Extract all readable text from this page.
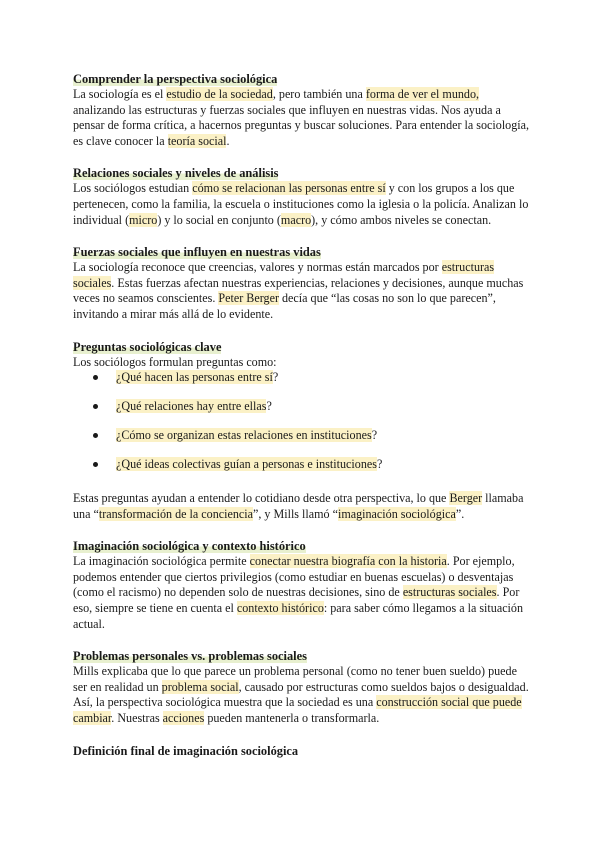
Comprender la perspectiva sociológica

La sociología es el estudio de la sociedad, pero también una forma de ver el mundo, analizando las estructuras y fuerzas sociales que influyen en nuestras vidas. Nos ayuda a pensar de forma crítica, a hacernos preguntas y buscar soluciones. Para entender la sociología, es clave conocer la teoría social.

Relaciones sociales y niveles de análisis

Los sociólogos estudian cómo se relacionan las personas entre sí y con los grupos a los que pertenecen, como la familia, la escuela o instituciones como la iglesia o la policía. Analizan lo individual (micro) y lo social en conjunto (macro), y cómo ambos niveles se conectan.

Fuerzas sociales que influyen en nuestras vidas

La sociología reconoce que creencias, valores y normas están marcados por estructuras sociales. Estas fuerzas afectan nuestras experiencias, relaciones y decisiones, aunque muchas veces no seamos conscientes. Peter Berger decía que “las cosas no son lo que parecen”, invitando a mirar más allá de lo evidente.

Preguntas sociológicas clave

Los sociólogos formulan preguntas como:

¿Qué hacen las personas entre sí?
¿Qué relaciones hay entre ellas?
¿Cómo se organizan estas relaciones en instituciones?
¿Qué ideas colectivas guían a personas e instituciones?

Estas preguntas ayudan a entender lo cotidiano desde otra perspectiva, lo que Berger llamaba una “transformación de la conciencia”, y Mills llamó “imaginación sociológica”.

Imaginación sociológica y contexto histórico

La imaginación sociológica permite conectar nuestra biografía con la historia. Por ejemplo, podemos entender que ciertos privilegios (como estudiar en buenas escuelas) o desventajas (como el racismo) no dependen solo de nuestras decisiones, sino de estructuras sociales. Por eso, siempre se tiene en cuenta el contexto histórico: para saber cómo llegamos a la situación actual.

Problemas personales vs. problemas sociales

Mills explicaba que lo que parece un problema personal (como no tener buen sueldo) puede ser en realidad un problema social, causado por estructuras como sueldos bajos o desigualdad. Así, la perspectiva sociológica muestra que la sociedad es una construcción social que puede cambiar. Nuestras acciones pueden mantenerla o transformarla.

Definición final de imaginación sociológica
